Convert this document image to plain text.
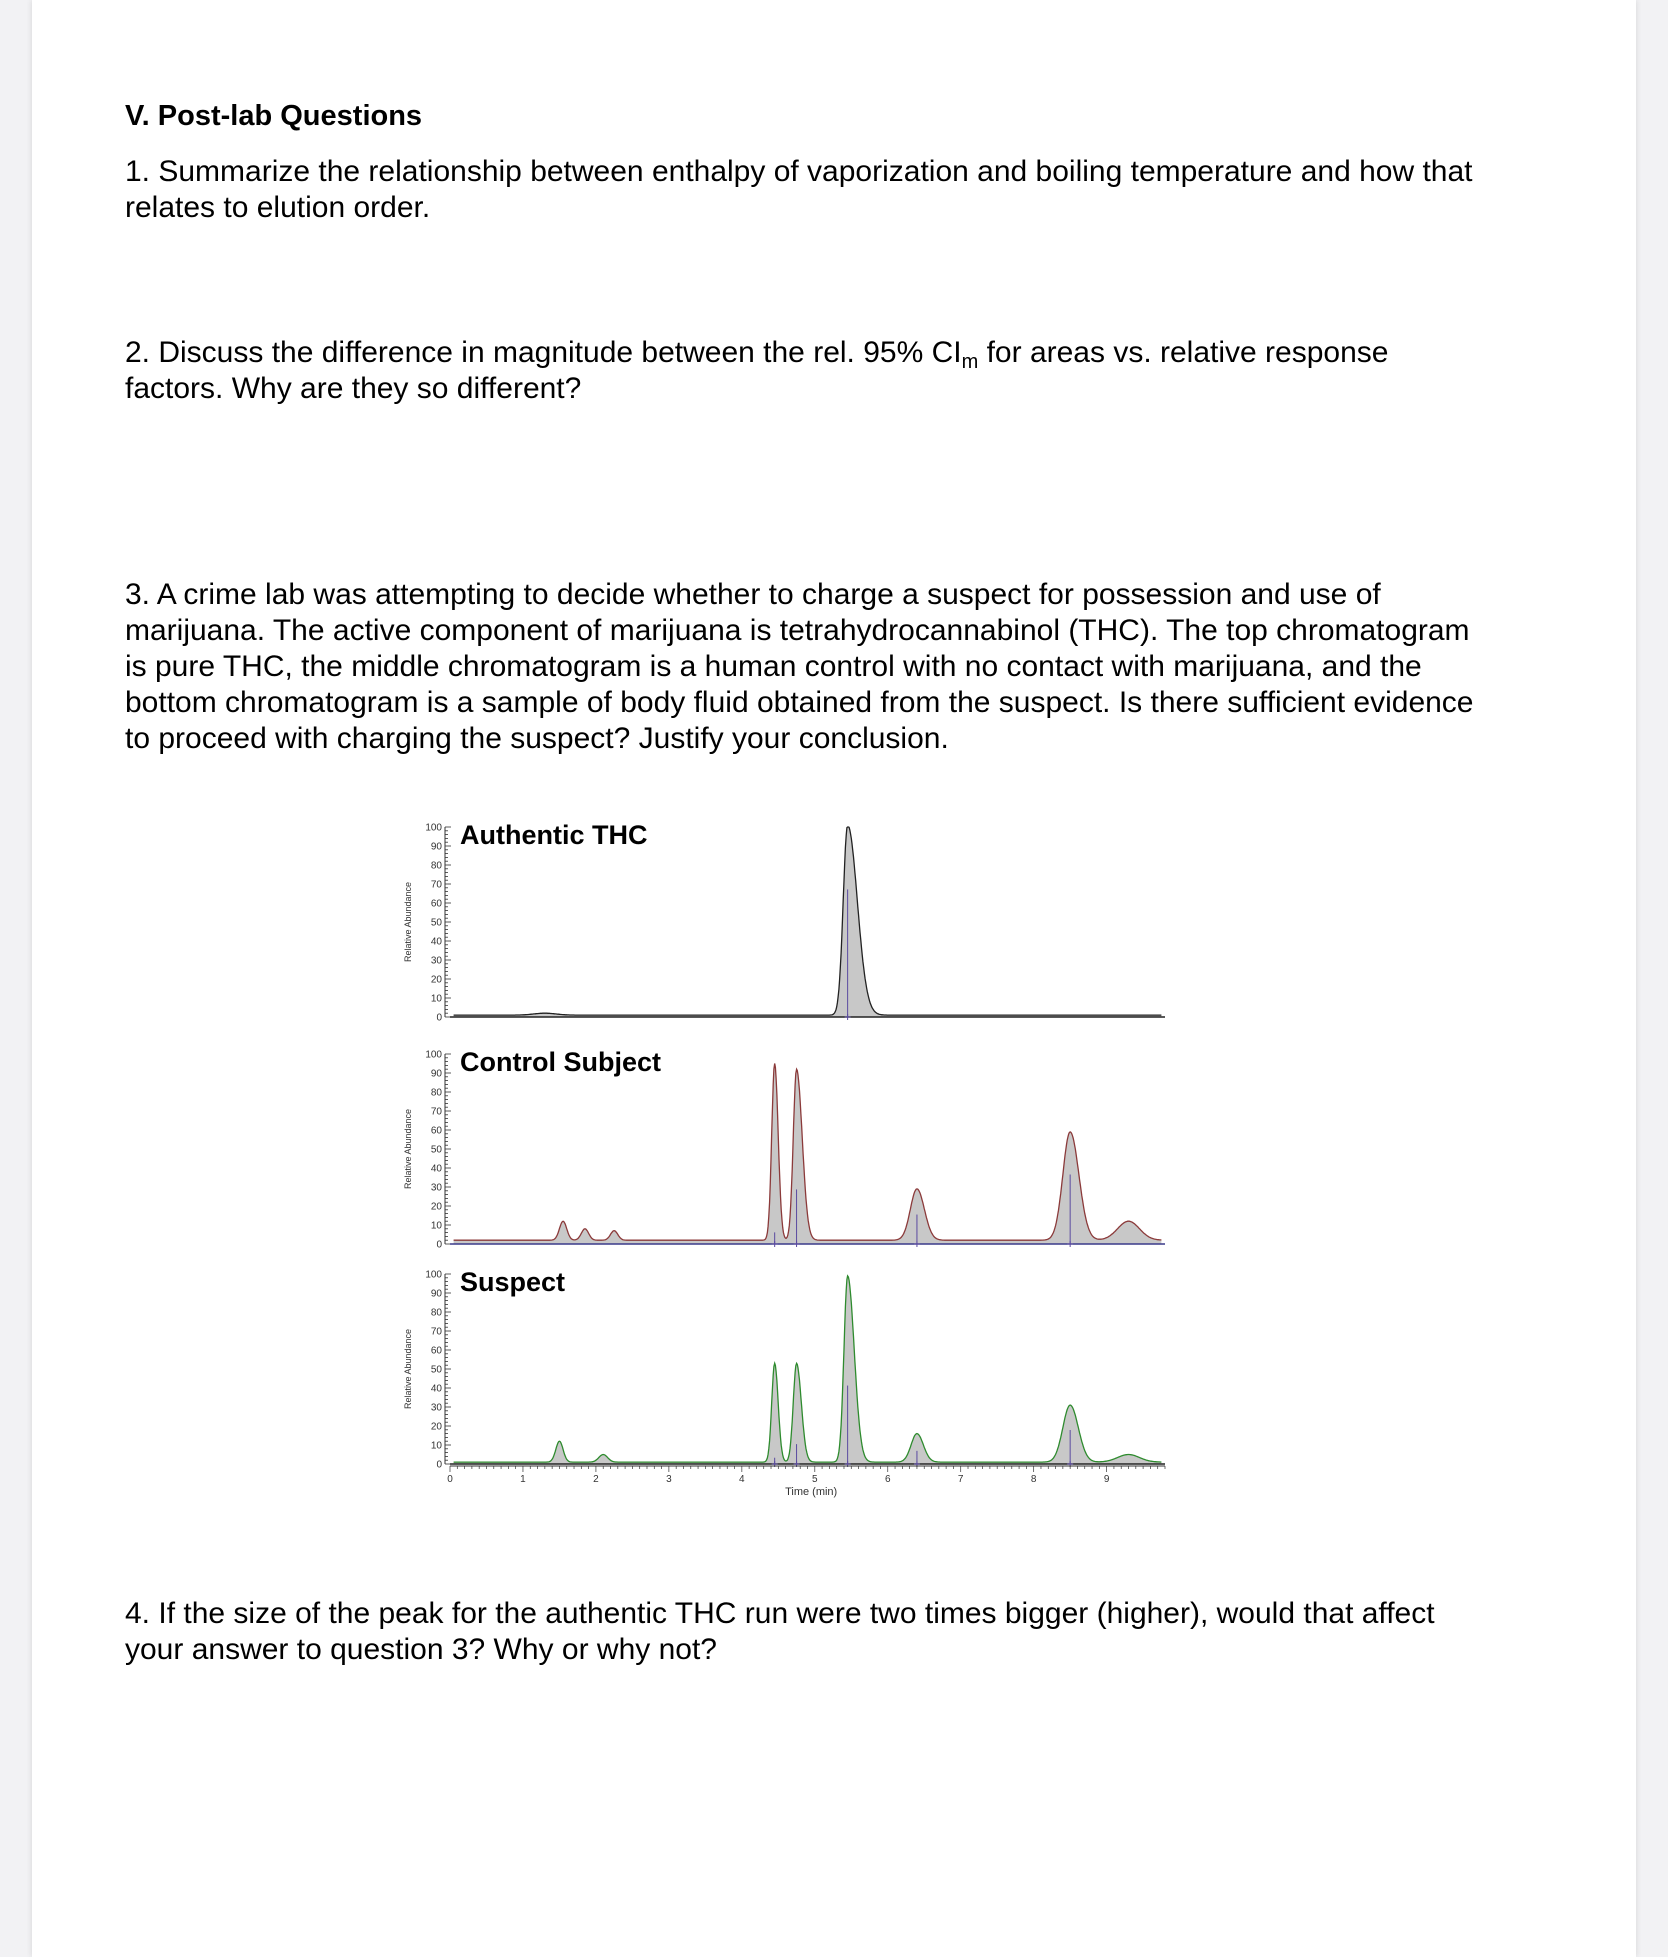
V. Post-lab Questions
1. Summarize the relationship between enthalpy of vaporization and boiling temperature and how that relates to elution order.
2. Discuss the difference in magnitude between the rel. 95% $CI_m$ for areas vs. relative response factors. Why are they so different?
3. A crime lab was attempting to decide whether to charge a suspect for possession and use of marijuana. The active component of marijuana is tetrahydrocannabinol (THC). The top chromatogram is pure THC, the middle chromatogram is a human control with no contact with marijuana, and the bottom chromatogram is a sample of body fluid obtained from the suspect. Is there sufficient evidence to proceed with charging the suspect? Justify your conclusion.
0
10
20
30
40
50
60
70
80
90
100
Relative Abundance
Authentic THC
0
10
20
30
40
50
60
70
80
90
100
Relative Abundance
Control Subject
0
10
20
30
40
50
60
70
80
90
100
Relative Abundance
Suspect
0	1	2	3	4	5	6	7	8	9
Time (min)
4. If the size of the peak for the authentic THC run were two times bigger (higher), would that affect your answer to question 3? Why or why not?
